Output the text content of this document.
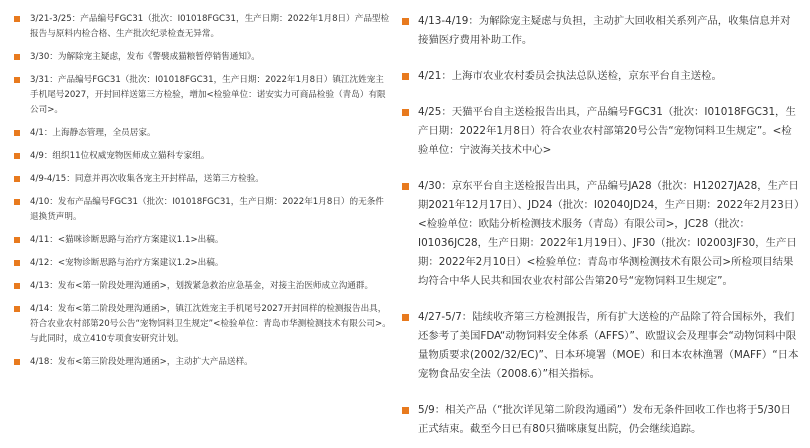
3/21-3/25：产品编号FGC31（批次：I01018FGC31，生产日期：2022年1月8日）产品型检报告与原料内检合格、生产批次纪录检查无异常。
3/30：为解除宠主疑虑，发布《警襞成猫粮暂停销售通知》。
3/31：产品编号FGC31（批次：I01018FGC31，生产日期：2022年1月8日）镇江沈姓宠主手机尾号2027，开封回样送第三方检验，增加<检验单位：诺安实力可商品检验（青岛）有限公司>。
4/1：上海静态管理，全员居家。
4/9：组织11位权威宠物医师成立猫科专家组。
4/9-4/15：同意并再次收集各宠主开封样品，送第三方检验。
4/10：发布产品编号FGC31（批次：I01018FGC31，生产日期：2022年1月8日）的无条件退换货声明。
4/11：<猫咪诊断思路与治疗方案建议1.1>出稿。
4/12：<宠物诊断思路与治疗方案建议1.2>出稿。
4/13：发布<第一阶段处理沟通函>，划拨紧急救治应急基金，对接主治医师成立沟通群。
4/14：发布<第二阶段处理沟通函>，镇江沈姓宠主手机尾号2027开封回样的检测报告出具，符合农业农村部第20号公告“宠物饲料卫生规定”<检验单位：青岛市华测检测技术有限公司>。与此同时，成立410专项食安研究计划。
4/18：发布<第三阶段处理沟通函>，主动扩大产品送样。
4/13-4/19：为解除宠主疑虑与负担，主动扩大回收相关系列产品，收集信息并对接猫医疗费用补助工作。
4/21：上海市农业农村委员会执法总队送检，京东平台自主送检。
4/25：天猫平台自主送检报告出具，产品编号FGC31（批次：I01018FGC31，生产日期：2022年1月8日）符合农业农村部第20号公告“宠物饲料卫生规定”。<检验单位：宁波海关技术中心>
4/30：京东平台自主送检报告出具，产品编号JA28（批次：H12027JA28，生产日期2021年12月17日）、JD24（批次：I02040JD24，生产日期：2022年2月23日）<检验单位：欧陆分析检测技术服务（青岛）有限公司>，JC28（批次：I01036JC28，生产日期：2022年1月19日）、JF30（批次：I02003JF30，生产日期：2022年2月10日）<检验单位：青岛市华测检测技术有限公司>所检项目结果均符合中华人民共和国农业农村部公告第20号“宠物饲料卫生规定”。
4/27-5/7：陆续收齐第三方检测报告，所有扩大送检的产品除了符合国标外，我们还参考了美国FDA“动物饲料安全体系（AFFS）”、欧盟议会及理事会“动物饲料中限量物质要求(2002/32/EC)”、日本环境署（MOE）和日本农林渔署（MAFF）“日本宠物食品安全法（2008.6）”相关指标。
5/9：相关产品（“批次详见第二阶段沟通函”）发布无条件回收工作也将于5/30日正式结束。截至今日已有80只猫咪康复出院，仍会继续追踪。
